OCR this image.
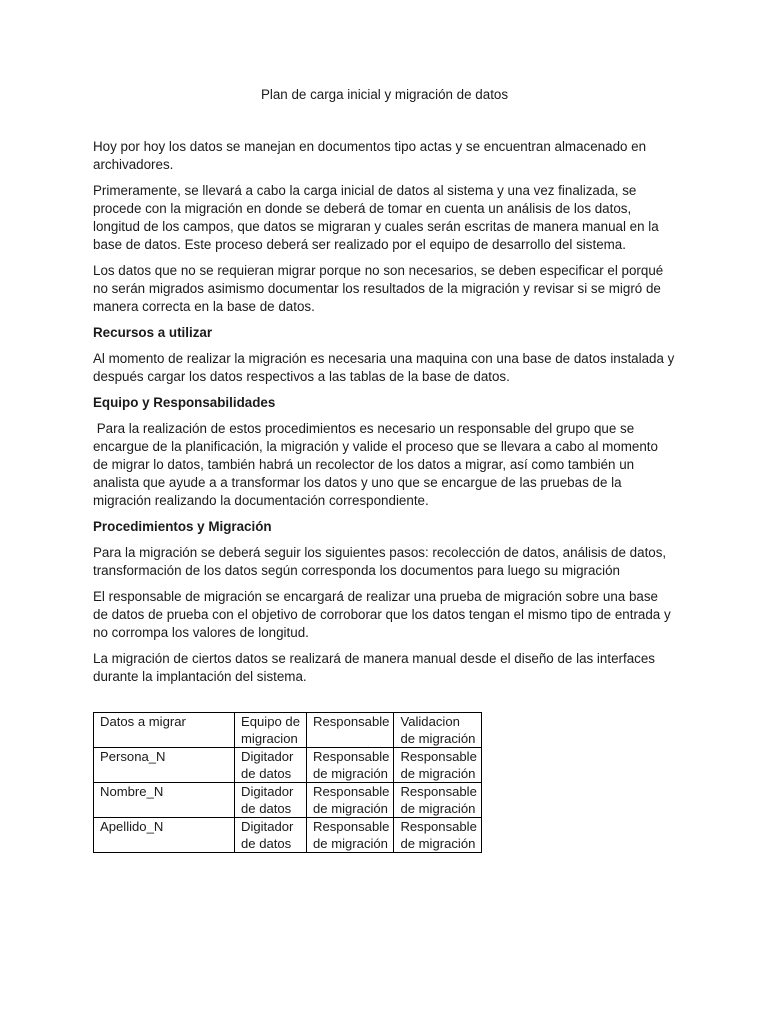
Plan de carga inicial y migración de datos

Hoy por hoy los datos se manejan en documentos tipo actas y se encuentran almacenado en archivadores.

Primeramente, se llevará a cabo la carga inicial de datos al sistema y una vez finalizada, se procede con la migración en donde se deberá de tomar en cuenta un análisis de los datos, longitud de los campos, que datos se migraran y cuales serán escritas de manera manual en la base de datos. Este proceso deberá ser realizado por el equipo de desarrollo del sistema.

Los datos que no se requieran migrar porque no son necesarios, se deben especificar el porqué no serán migrados asimismo documentar los resultados de la migración y revisar si se migró de manera correcta en la base de datos.

Recursos a utilizar

Al momento de realizar la migración es necesaria una maquina con una base de datos instalada y después cargar los datos respectivos a las tablas de la base de datos.

Equipo y Responsabilidades

Para la realización de estos procedimientos es necesario un responsable del grupo que se encargue de la planificación, la migración y valide el proceso que se llevara a cabo al momento de migrar lo datos, también habrá un recolector de los datos a migrar, así como también un analista que ayude a a transformar los datos y uno que se encargue de las pruebas de la migración realizando la documentación correspondiente.

Procedimientos y Migración

Para la migración se deberá seguir los siguientes pasos: recolección de datos, análisis de datos, transformación de los datos según corresponda los documentos para luego su migración

El responsable de migración se encargará de realizar una prueba de migración sobre una base de datos de prueba con el objetivo de corroborar que los datos tengan el mismo tipo de entrada y no corrompa los valores de longitud.

La migración de ciertos datos se realizará de manera manual desde el diseño de las interfaces durante la implantación del sistema.

Datos a migrar	Equipo de migracion	Responsable	Validacion de migración
Persona_N	Digitador de datos	Responsable de migración	Responsable de migración
Nombre_N	Digitador de datos	Responsable de migración	Responsable de migración
Apellido_N	Digitador de datos	Responsable de migración	Responsable de migración
